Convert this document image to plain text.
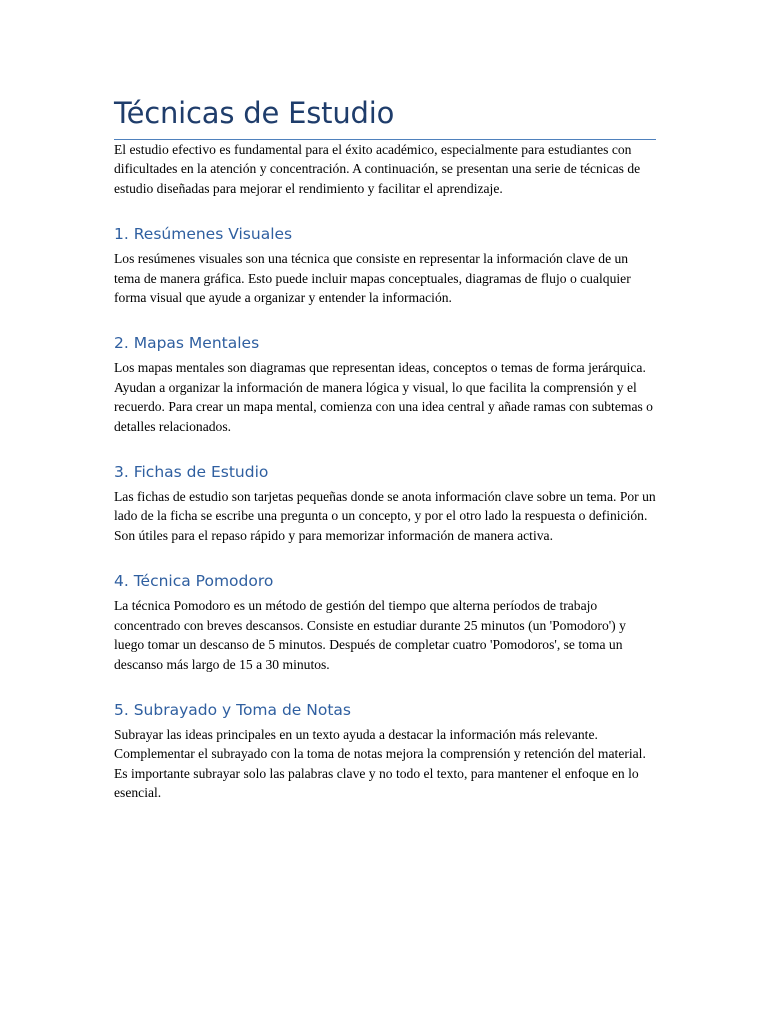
Técnicas de Estudio

El estudio efectivo es fundamental para el éxito académico, especialmente para estudiantes con dificultades en la atención y concentración. A continuación, se presentan una serie de técnicas de estudio diseñadas para mejorar el rendimiento y facilitar el aprendizaje.

1. Resúmenes Visuales

Los resúmenes visuales son una técnica que consiste en representar la información clave de un tema de manera gráfica. Esto puede incluir mapas conceptuales, diagramas de flujo o cualquier forma visual que ayude a organizar y entender la información.

2. Mapas Mentales

Los mapas mentales son diagramas que representan ideas, conceptos o temas de forma jerárquica. Ayudan a organizar la información de manera lógica y visual, lo que facilita la comprensión y el recuerdo. Para crear un mapa mental, comienza con una idea central y añade ramas con subtemas o detalles relacionados.

3. Fichas de Estudio

Las fichas de estudio son tarjetas pequeñas donde se anota información clave sobre un tema. Por un lado de la ficha se escribe una pregunta o un concepto, y por el otro lado la respuesta o definición. Son útiles para el repaso rápido y para memorizar información de manera activa.

4. Técnica Pomodoro

La técnica Pomodoro es un método de gestión del tiempo que alterna períodos de trabajo concentrado con breves descansos. Consiste en estudiar durante 25 minutos (un 'Pomodoro') y luego tomar un descanso de 5 minutos. Después de completar cuatro 'Pomodoros', se toma un descanso más largo de 15 a 30 minutos.

5. Subrayado y Toma de Notas

Subrayar las ideas principales en un texto ayuda a destacar la información más relevante. Complementar el subrayado con la toma de notas mejora la comprensión y retención del material. Es importante subrayar solo las palabras clave y no todo el texto, para mantener el enfoque en lo esencial.
